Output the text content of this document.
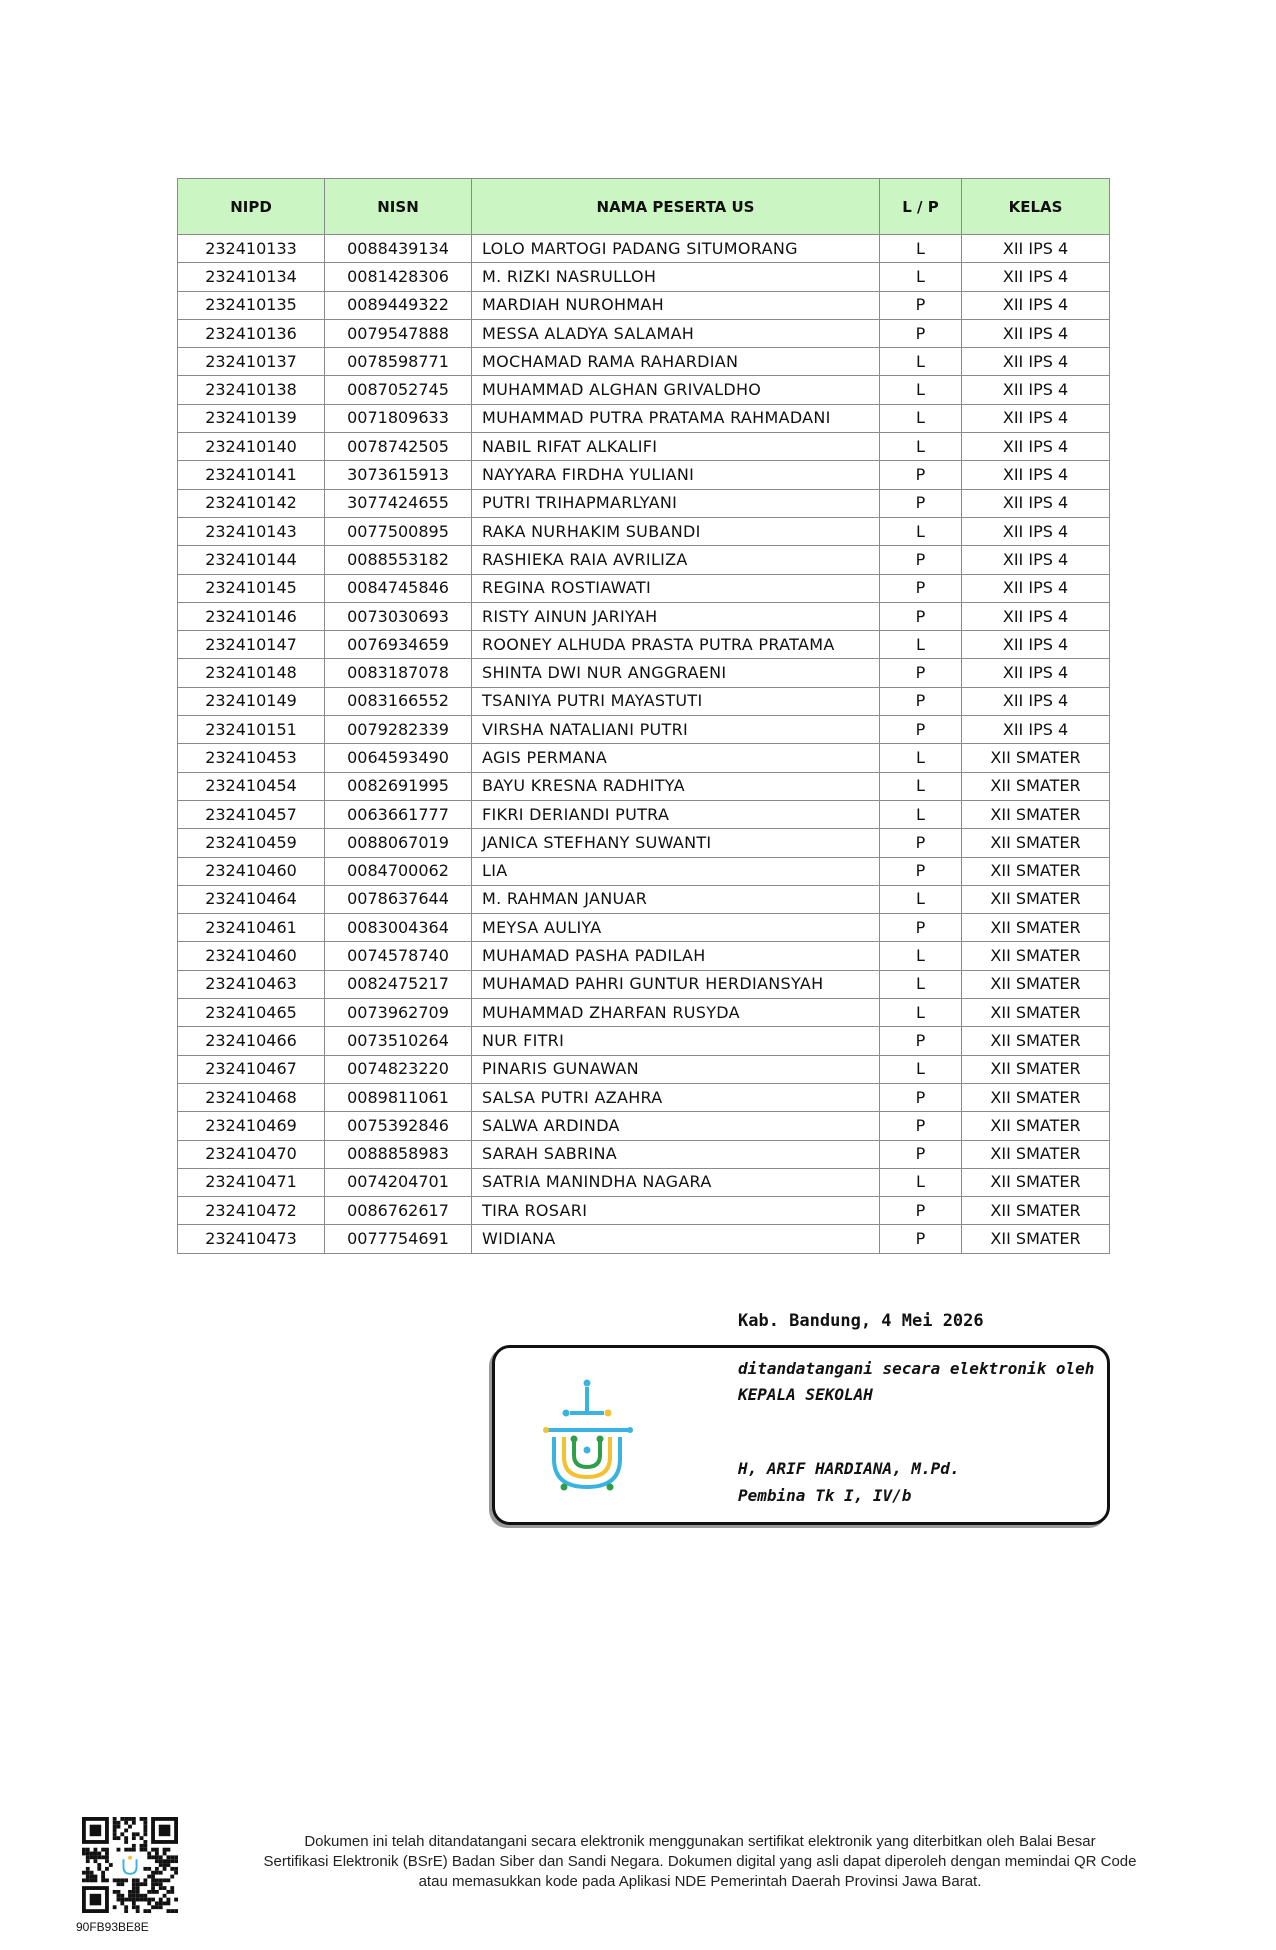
NIPD	NISN	NAMA PESERTA US	L / P	KELAS
232410133	0088439134	LOLO MARTOGI PADANG SITUMORANG	L	XII IPS 4
232410134	0081428306	M. RIZKI NASRULLOH	L	XII IPS 4
232410135	0089449322	MARDIAH NUROHMAH	P	XII IPS 4
232410136	0079547888	MESSA ALADYA SALAMAH	P	XII IPS 4
232410137	0078598771	MOCHAMAD RAMA RAHARDIAN	L	XII IPS 4
232410138	0087052745	MUHAMMAD ALGHAN GRIVALDHO	L	XII IPS 4
232410139	0071809633	MUHAMMAD PUTRA PRATAMA RAHMADANI	L	XII IPS 4
232410140	0078742505	NABIL RIFAT ALKALIFI	L	XII IPS 4
232410141	3073615913	NAYYARA FIRDHA YULIANI	P	XII IPS 4
232410142	3077424655	PUTRI TRIHAPMARLYANI	P	XII IPS 4
232410143	0077500895	RAKA NURHAKIM SUBANDI	L	XII IPS 4
232410144	0088553182	RASHIEKA RAIA AVRILIZA	P	XII IPS 4
232410145	0084745846	REGINA ROSTIAWATI	P	XII IPS 4
232410146	0073030693	RISTY AINUN JARIYAH	P	XII IPS 4
232410147	0076934659	ROONEY ALHUDA PRASTA PUTRA PRATAMA	L	XII IPS 4
232410148	0083187078	SHINTA DWI NUR ANGGRAENI	P	XII IPS 4
232410149	0083166552	TSANIYA PUTRI MAYASTUTI	P	XII IPS 4
232410151	0079282339	VIRSHA NATALIANI PUTRI	P	XII IPS 4
232410453	0064593490	AGIS PERMANA	L	XII SMATER
232410454	0082691995	BAYU KRESNA RADHITYA	L	XII SMATER
232410457	0063661777	FIKRI DERIANDI PUTRA	L	XII SMATER
232410459	0088067019	JANICA STEFHANY SUWANTI	P	XII SMATER
232410460	0084700062	LIA	P	XII SMATER
232410464	0078637644	M. RAHMAN JANUAR	L	XII SMATER
232410461	0083004364	MEYSA AULIYA	P	XII SMATER
232410460	0074578740	MUHAMAD PASHA PADILAH	L	XII SMATER
232410463	0082475217	MUHAMAD PAHRI GUNTUR HERDIANSYAH	L	XII SMATER
232410465	0073962709	MUHAMMAD ZHARFAN RUSYDA	L	XII SMATER
232410466	0073510264	NUR FITRI	P	XII SMATER
232410467	0074823220	PINARIS GUNAWAN	L	XII SMATER
232410468	0089811061	SALSA PUTRI AZAHRA	P	XII SMATER
232410469	0075392846	SALWA ARDINDA	P	XII SMATER
232410470	0088858983	SARAH SABRINA	P	XII SMATER
232410471	0074204701	SATRIA MANINDHA NAGARA	L	XII SMATER
232410472	0086762617	TIRA ROSARI	P	XII SMATER
232410473	0077754691	WIDIANA	P	XII SMATER
Kab. Bandung, 4 Mei 2026
ditandatangani secara elektronik oleh
KEPALA SEKOLAH
H, ARIF HARDIANA, M.Pd.
Pembina Tk I, IV/b
90FB93BE8E
Dokumen ini telah ditandatangani secara elektronik menggunakan sertifikat elektronik yang diterbitkan oleh Balai Besar
Sertifikasi Elektronik (BSrE) Badan Siber dan Sandi Negara. Dokumen digital yang asli dapat diperoleh dengan memindai QR Code
atau memasukkan kode pada Aplikasi NDE Pemerintah Daerah Provinsi Jawa Barat.
